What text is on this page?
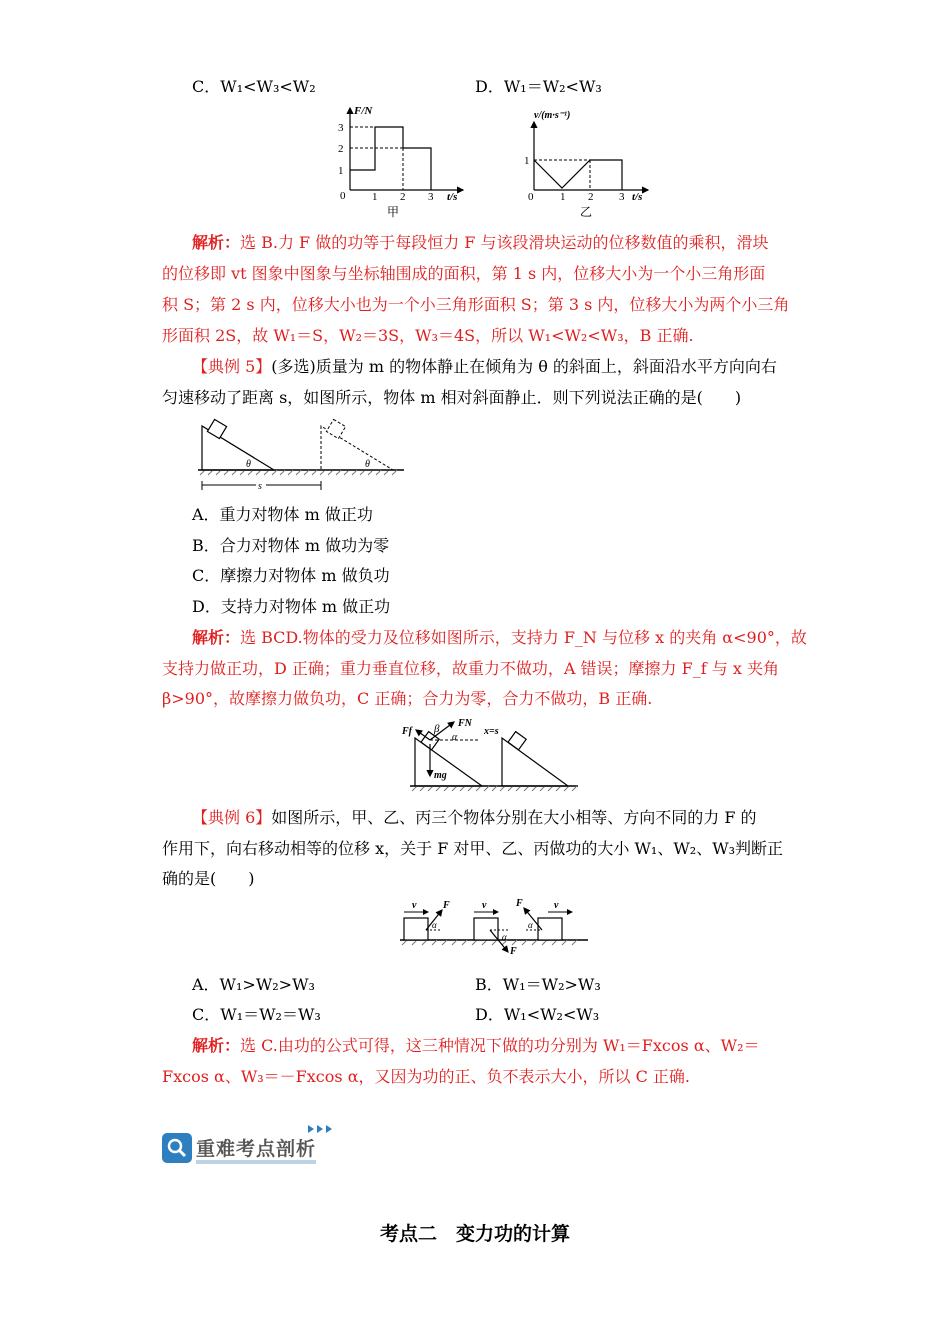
C．W₁<W₃<W₂	D．W₁＝W₂<W₃
F/N
3
2
1
0 1 2 3 t/s
甲
v/(m·s⁻¹)
1
0 1 2 3 t/s
乙
解析：选 B.力 F 做的功等于每段恒力 F 与该段滑块运动的位移数值的乘积，滑块
的位移即 vt 图象中图象与坐标轴围成的面积，第 1 s 内，位移大小为一个小三角形面
积 S；第 2 s 内，位移大小也为一个小三角形面积 S；第 3 s 内，位移大小为两个小三角
形面积 2S，故 W₁＝S，W₂＝3S，W₃＝4S，所以 W₁<W₂<W₃，B 正确.
【典例 5】(多选)质量为 m 的物体静止在倾角为 θ 的斜面上，斜面沿水平方向向右
匀速移动了距离 s，如图所示，物体 m 相对斜面静止．则下列说法正确的是(　　)
θ	θ
s
A．重力对物体 m 做正功
B．合力对物体 m 做功为零
C．摩擦力对物体 m 做负功
D．支持力对物体 m 做正功
解析：选 BCD.物体的受力及位移如图所示，支持力 F_N 与位移 x 的夹角 α<90°，故
支持力做正功，D 正确；重力垂直位移，故重力不做功，A 错误；摩擦力 F_f 与 x 夹角
β>90°，故摩擦力做负功，C 正确；合力为零，合力不做功，B 正确.
Ff β FN
α
x=s
mg
【典例 6】如图所示，甲、乙、丙三个物体分别在大小相等、方向不同的力 F 的
作用下，向右移动相等的位移 x，关于 F 对甲、乙、丙做功的大小 W₁、W₂、W₃判断正
确的是(　　)
v	F
α
v
F
α
v
F
α
A．W₁>W₂>W₃	B．W₁＝W₂>W₃
C．W₁＝W₂＝W₃	D．W₁<W₂<W₃
解析：选 C.由功的公式可得，这三种情况下做的功分别为 W₁＝Fxcos α、W₂＝
Fxcos α、W₃＝－Fxcos α，又因为功的正、负不表示大小，所以 C 正确.
重难考点剖析
考点二　变力功的计算
